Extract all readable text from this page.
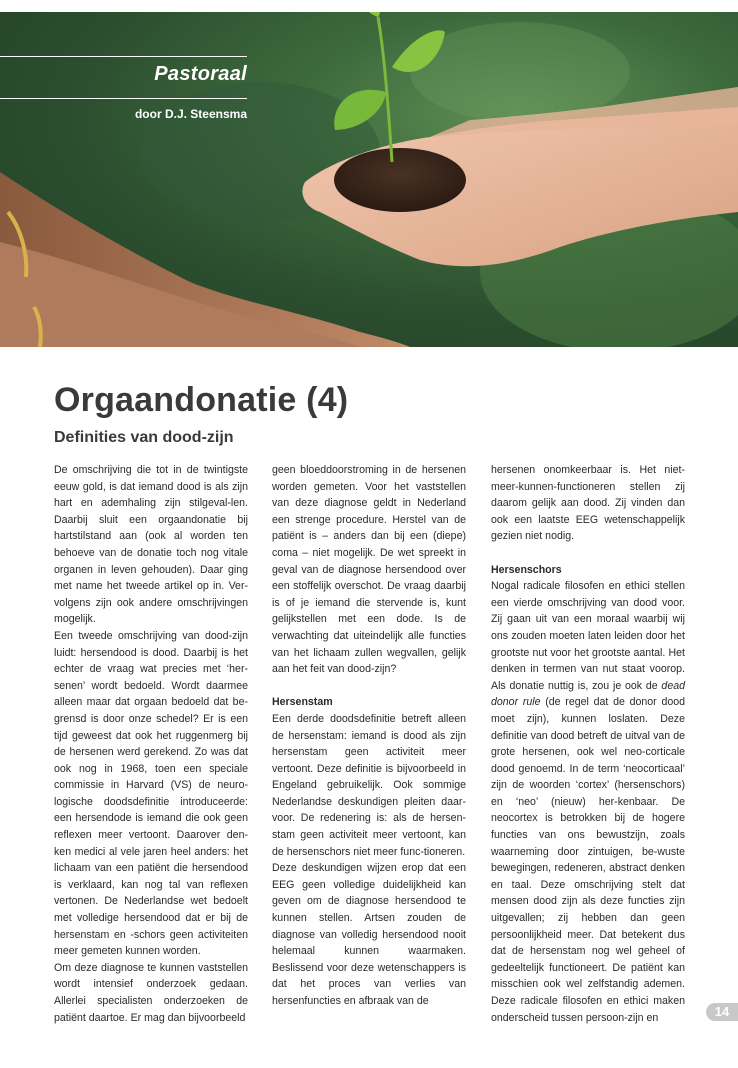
Pastoraal
door D.J. Steensma
Orgaandonatie (4)
Definities van dood-zijn

De omschrijving die tot in de twintigste eeuw gold, is dat iemand dood is als zijn hart en ademhaling zijn stilgeval-len. Daarbij sluit een orgaandonatie bij hartstilstand aan (ook al worden ten behoeve van de donatie toch nog vitale organen in leven gehouden). Daar ging met name het tweede artikel op in. Ver-volgens zijn ook andere omschrijvingen mogelijk.

Een tweede omschrijving van dood-zijn luidt: hersendood is dood. Daarbij is het echter de vraag wat precies met ‘her-senen’ wordt bedoeld. Wordt daarmee alleen maar dat orgaan bedoeld dat be-grensd is door onze schedel? Er is een tijd geweest dat ook het ruggenmerg bij de hersenen werd gerekend. Zo was dat ook nog in 1968, toen een speciale commissie in Harvard (VS) de neuro-logische doodsdefinitie introduceerde: een hersendode is iemand die ook geen reflexen meer vertoont. Daarover den-ken medici al vele jaren heel anders: het lichaam van een patiënt die hersendood is verklaard, kan nog tal van reflexen vertonen. De Nederlandse wet bedoelt met volledige hersendood dat er bij de hersenstam en -schors geen activiteiten meer gemeten kunnen worden.

Om deze diagnose te kunnen vaststellen wordt intensief onderzoek gedaan. Allerlei specialisten onderzoeken de patiënt daartoe. Er mag dan bijvoorbeeld

geen bloeddoorstroming in de hersenen worden gemeten. Voor het vaststellen van deze diagnose geldt in Nederland een strenge procedure. Herstel van de patiënt is – anders dan bij een (diepe) coma – niet mogelijk. De wet spreekt in geval van de diagnose hersendood over een stoffelijk overschot. De vraag daarbij is of je iemand die stervende is, kunt gelijkstellen met een dode. Is de verwachting dat uiteindelijk alle functies van het lichaam zullen wegvallen, gelijk aan het feit van dood-zijn?

Hersenstam

Een derde doodsdefinitie betreft alleen de hersenstam: iemand is dood als zijn hersenstam geen activiteit meer vertoont. Deze definitie is bijvoorbeeld in Engeland gebruikelijk. Ook sommige Nederlandse deskundigen pleiten daar-voor. De redenering is: als de hersen-stam geen activiteit meer vertoont, kan de hersenschors niet meer func-tioneren.

Deze deskundigen wijzen erop dat een EEG geen volledige duidelijkheid kan geven om de diagnose hersendood te kunnen stellen. Artsen zouden de diagnose van volledig hersendood nooit helemaal kunnen waarmaken. Beslissend voor deze wetenschappers is dat het proces van verlies van hersenfuncties en afbraak van de

hersenen onomkeerbaar is. Het niet-meer-kunnen-functioneren stellen zij daarom gelijk aan dood. Zij vinden dan ook een laatste EEG wetenschappelijk gezien niet nodig.

Hersenschors

Nogal radicale filosofen en ethici stellen een vierde omschrijving van dood voor. Zij gaan uit van een moraal waarbij wij ons zouden moeten laten leiden door het grootste nut voor het grootste aantal. Het denken in termen van nut staat voorop. Als donatie nuttig is, zou je ook de dead donor rule (de regel dat de donor dood moet zijn), kunnen loslaten. Deze definitie van dood betreft de uitval van de grote hersenen, ook wel neo-corticale dood genoemd. In de term ‘neocorticaal’ zijn de woorden ‘cortex’ (hersenschors) en ‘neo’ (nieuw) her-kenbaar. De neocortex is betrokken bij de hogere functies van ons bewustzijn, zoals waarneming door zintuigen, be-wuste bewegingen, redeneren, abstract denken en taal. Deze omschrijving stelt dat mensen dood zijn als deze functies zijn uitgevallen; zij hebben dan geen persoonlijkheid meer. Dat betekent dus dat de hersenstam nog wel geheel of gedeeltelijk functioneert. De patiënt kan misschien ook wel zelfstandig ademen. Deze radicale filosofen en ethici maken onderscheid tussen persoon-zijn en	14
